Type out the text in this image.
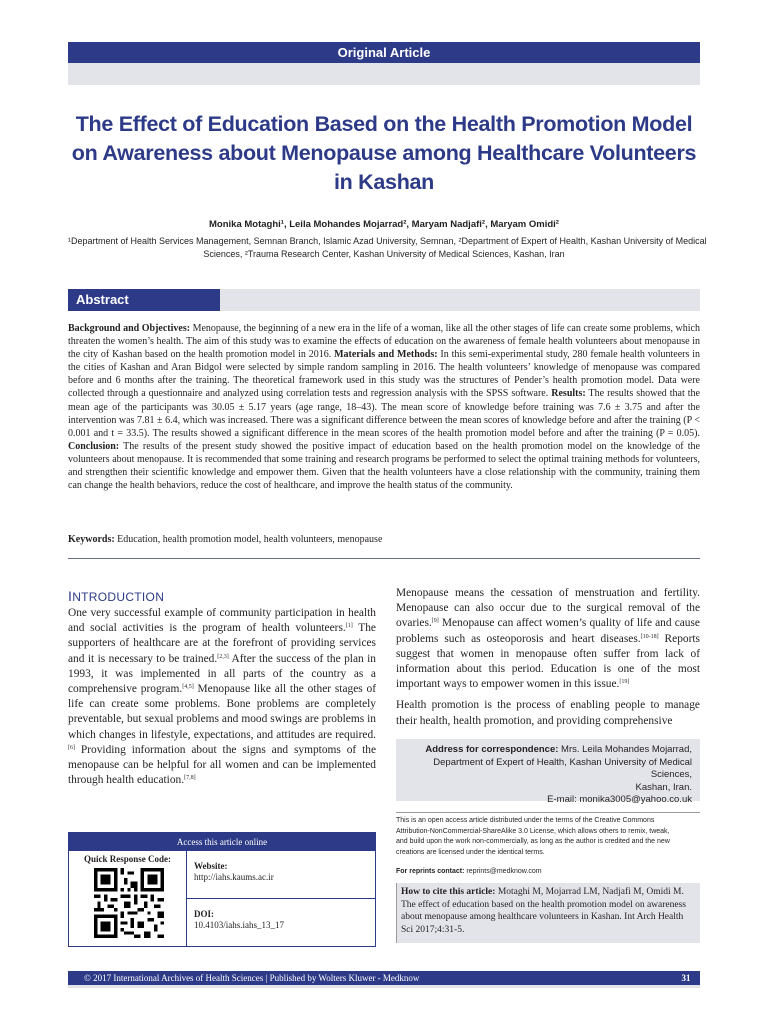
Original Article
The Effect of Education Based on the Health Promotion Model
on Awareness about Menopause among Healthcare Volunteers
in Kashan
Monika Motaghi¹, Leila Mohandes Mojarrad², Maryam Nadjafi², Maryam Omidi²
¹Department of Health Services Management, Semnan Branch, Islamic Azad University, Semnan, ²Department of Expert of Health, Kashan University of Medical
Sciences, ²Trauma Research Center, Kashan University of Medical Sciences, Kashan, Iran
Abstract
Background and Objectives: Menopause, the beginning of a new era in the life of a woman, like all the other stages of life can create some problems, which threaten the women’s health. The aim of this study was to examine the effects of education on the awareness of female health volunteers about menopause in the city of Kashan based on the health promotion model in 2016. Materials and Methods: In this semi-experimental study, 280 female health volunteers in the cities of Kashan and Aran Bidgol were selected by simple random sampling in 2016. The health volunteers’ knowledge of menopause was compared before and 6 months after the training. The theoretical framework used in this study was the structures of Pender’s health promotion model. Data were collected through a questionnaire and analyzed using correlation tests and regression analysis with the SPSS software. Results: The results showed that the mean age of the participants was 30.05 ± 5.17 years (age range, 18–43). The mean score of knowledge before training was 7.6 ± 3.75 and after the intervention was 7.81 ± 6.4, which was increased. There was a significant difference between the mean scores of knowledge before and after the training (P < 0.001 and t = 33.5). The results showed a significant difference in the mean scores of the health promotion model before and after the training (P = 0.05). Conclusion: The results of the present study showed the positive impact of education based on the health promotion model on the knowledge of the volunteers about menopause. It is recommended that some training and research programs be performed to select the optimal training methods for volunteers, and strengthen their scientific knowledge and empower them. Given that the health volunteers have a close relationship with the community, training them can change the health behaviors, reduce the cost of healthcare, and improve the health status of the community.
Keywords: Education, health promotion model, health volunteers, menopause
INTRODUCTION
One very successful example of community participation in health and social activities is the program of health volunteers.[1] The supporters of healthcare are at the forefront of providing services and it is necessary to be trained.[2,3] After the success of the plan in 1993, it was implemented in all parts of the country as a comprehensive program.[4,5] Menopause like all the other stages of life can create some problems. Bone problems are completely preventable, but sexual problems and mood swings are problems in which changes in lifestyle, expectations, and attitudes are required.[6] Providing information about the signs and symptoms of the menopause can be helpful for all women and can be implemented through health education.[7,8]
Menopause means the cessation of menstruation and fertility. Menopause can also occur due to the surgical removal of the ovaries.[9] Menopause can affect women’s quality of life and cause problems such as osteoporosis and heart diseases.[10-18] Reports suggest that women in menopause often suffer from lack of information about this period. Education is one of the most important ways to empower women in this issue.[19]
Health promotion is the process of enabling people to manage their health, health promotion, and providing comprehensive
Address for correspondence: Mrs. Leila Mohandes Mojarrad,
Department of Expert of Health, Kashan University of Medical Sciences,
Kashan, Iran.
E-mail: monika3005@yahoo.co.uk
This is an open access article distributed under the terms of the Creative Commons
Attribution-NonCommercial-ShareAlike 3.0 License, which allows others to remix, tweak,
and build upon the work non-commercially, as long as the author is credited and the new
creations are licensed under the identical terms.
For reprints contact: reprints@medknow.com
How to cite this article: Motaghi M, Mojarrad LM, Nadjafi M, Omidi M. The effect of education based on the health promotion model on awareness about menopause among healthcare volunteers in Kashan. Int Arch Health Sci 2017;4:31-5.
Access this article online
Quick Response Code:
Website:
http://iahs.kaums.ac.ir
DOI:
10.4103/iahs.iahs_13_17
© 2017 International Archives of Health Sciences | Published by Wolters Kluwer - Medknow	31
